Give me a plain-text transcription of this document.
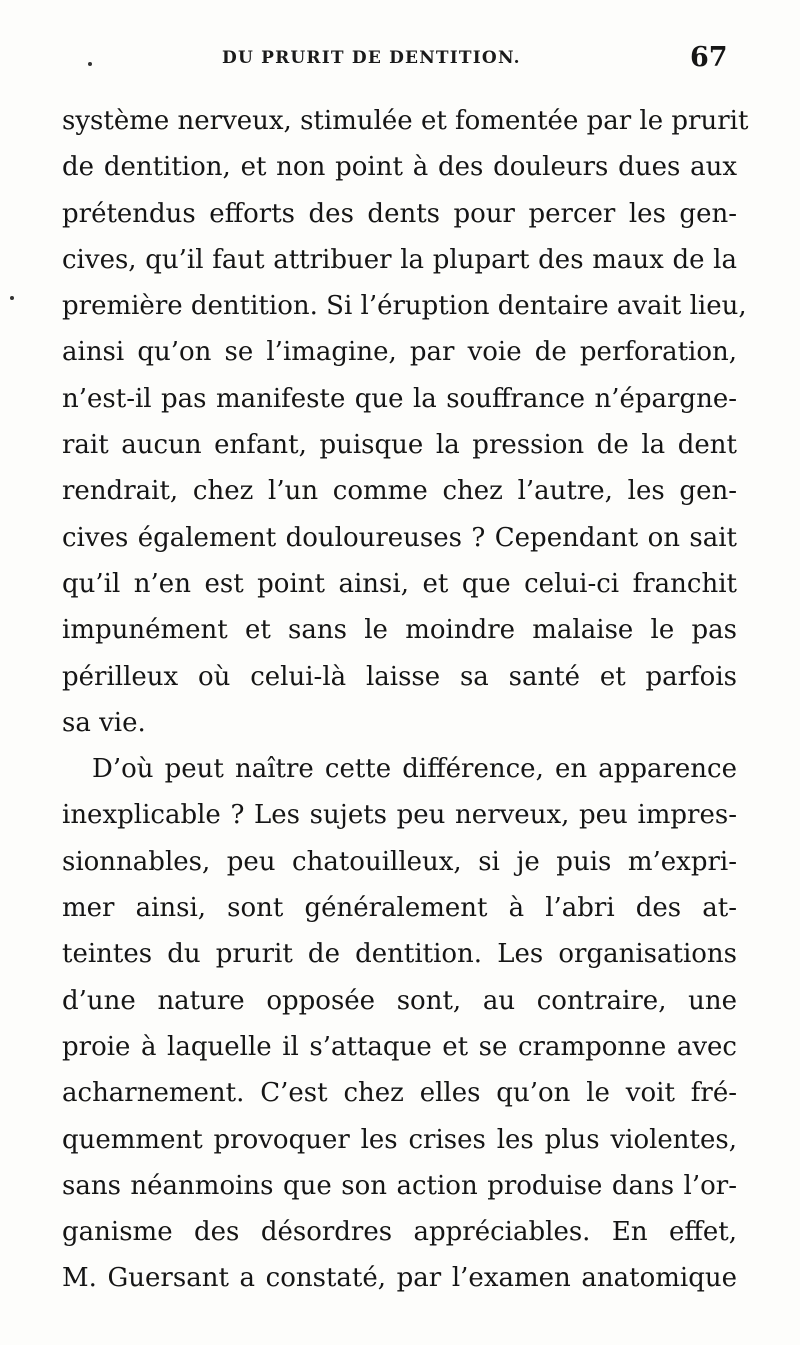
DU PRURIT DE DENTITION.	67
système nerveux, stimulée et fomentée par le prurit
de dentition, et non point à des douleurs dues aux
prétendus efforts des dents pour percer les gen-
cives, qu’il faut attribuer la plupart des maux de la
première dentition. Si l’éruption dentaire avait lieu,
ainsi qu’on se l’imagine, par voie de perforation,
n’est-il pas manifeste que la souffrance n’épargne-
rait aucun enfant, puisque la pression de la dent
rendrait, chez l’un comme chez l’autre, les gen-
cives également douloureuses ? Cependant on sait
qu’il n’en est point ainsi, et que celui-ci franchit
impunément et sans le moindre malaise le pas
périlleux où celui-là laisse sa santé et parfois
sa vie.
D’où peut naître cette différence, en apparence
inexplicable ? Les sujets peu nerveux, peu impres-
sionnables, peu chatouilleux, si je puis m’expri-
mer ainsi, sont généralement à l’abri des at-
teintes du prurit de dentition. Les organisations
d’une nature opposée sont, au contraire, une
proie à laquelle il s’attaque et se cramponne avec
acharnement. C’est chez elles qu’on le voit fré-
quemment provoquer les crises les plus violentes,
sans néanmoins que son action produise dans l’or-
ganisme des désordres appréciables. En effet,
M. Guersant a constaté, par l’examen anatomique
